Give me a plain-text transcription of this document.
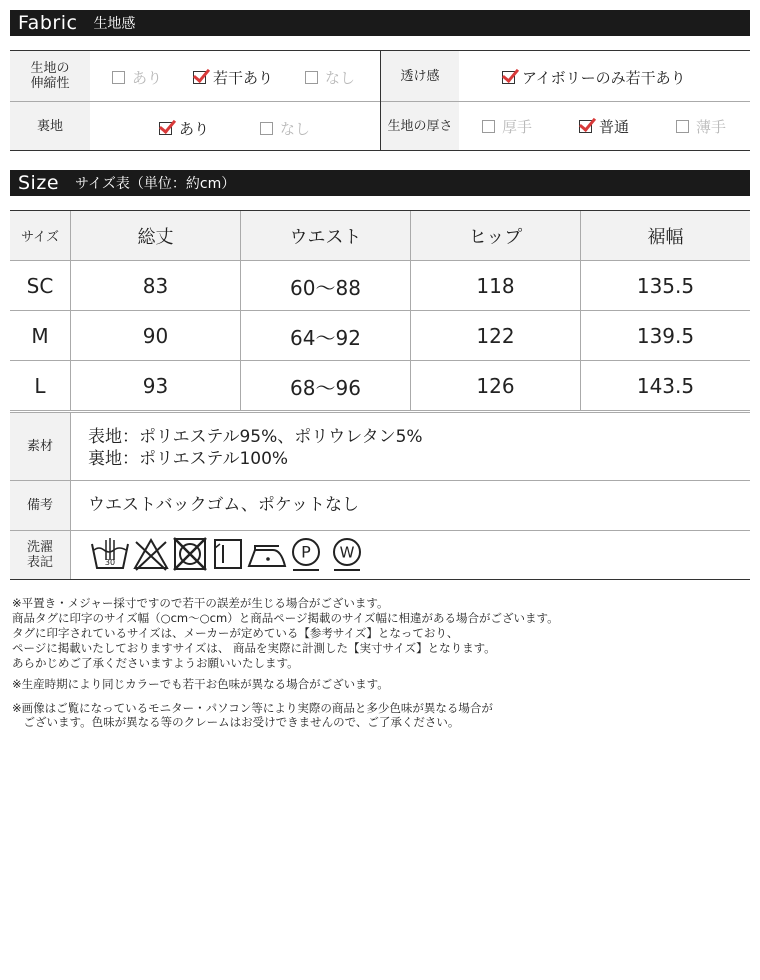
Fabric 生地感
生地の
伸縮性	あり	若干あり	なし	透け感	アイボリーのみ若干あり
裏地	あり	なし	生地の厚さ	厚手	普通	薄手
Size サイズ表（単位：約cm）
サイズ	総丈	ウエスト	ヒップ	裾幅
SC	83	60〜88	118	135.5
M	90	64〜92	122	139.5
L	93	68〜96	126	143.5
素材	表地：ポリエステル95%、ポリウレタン5%
裏地：ポリエステル100%
備考	ウエストバックゴム、ポケットなし
洗濯
表記	30
P W
※平置き・メジャー採寸ですので若干の誤差が生じる場合がございます。
商品タグに印字のサイズ幅（○cm〜○cm）と商品ページ掲載のサイズ幅に相違がある場合がございます。
タグに印字されているサイズは、メーカーが定めている【参考サイズ】となっており、
ページに掲載いたしておりますサイズは、 商品を実際に計測した【実寸サイズ】となります。
あらかじめご了承くださいますようお願いいたします。
※生産時期により同じカラーでも若干お色味が異なる場合がございます。
※画像はご覧になっているモニター・パソコン等により実際の商品と多少色味が異なる場合が
　ございます。色味が異なる等のクレームはお受けできませんので、ご了承ください。
